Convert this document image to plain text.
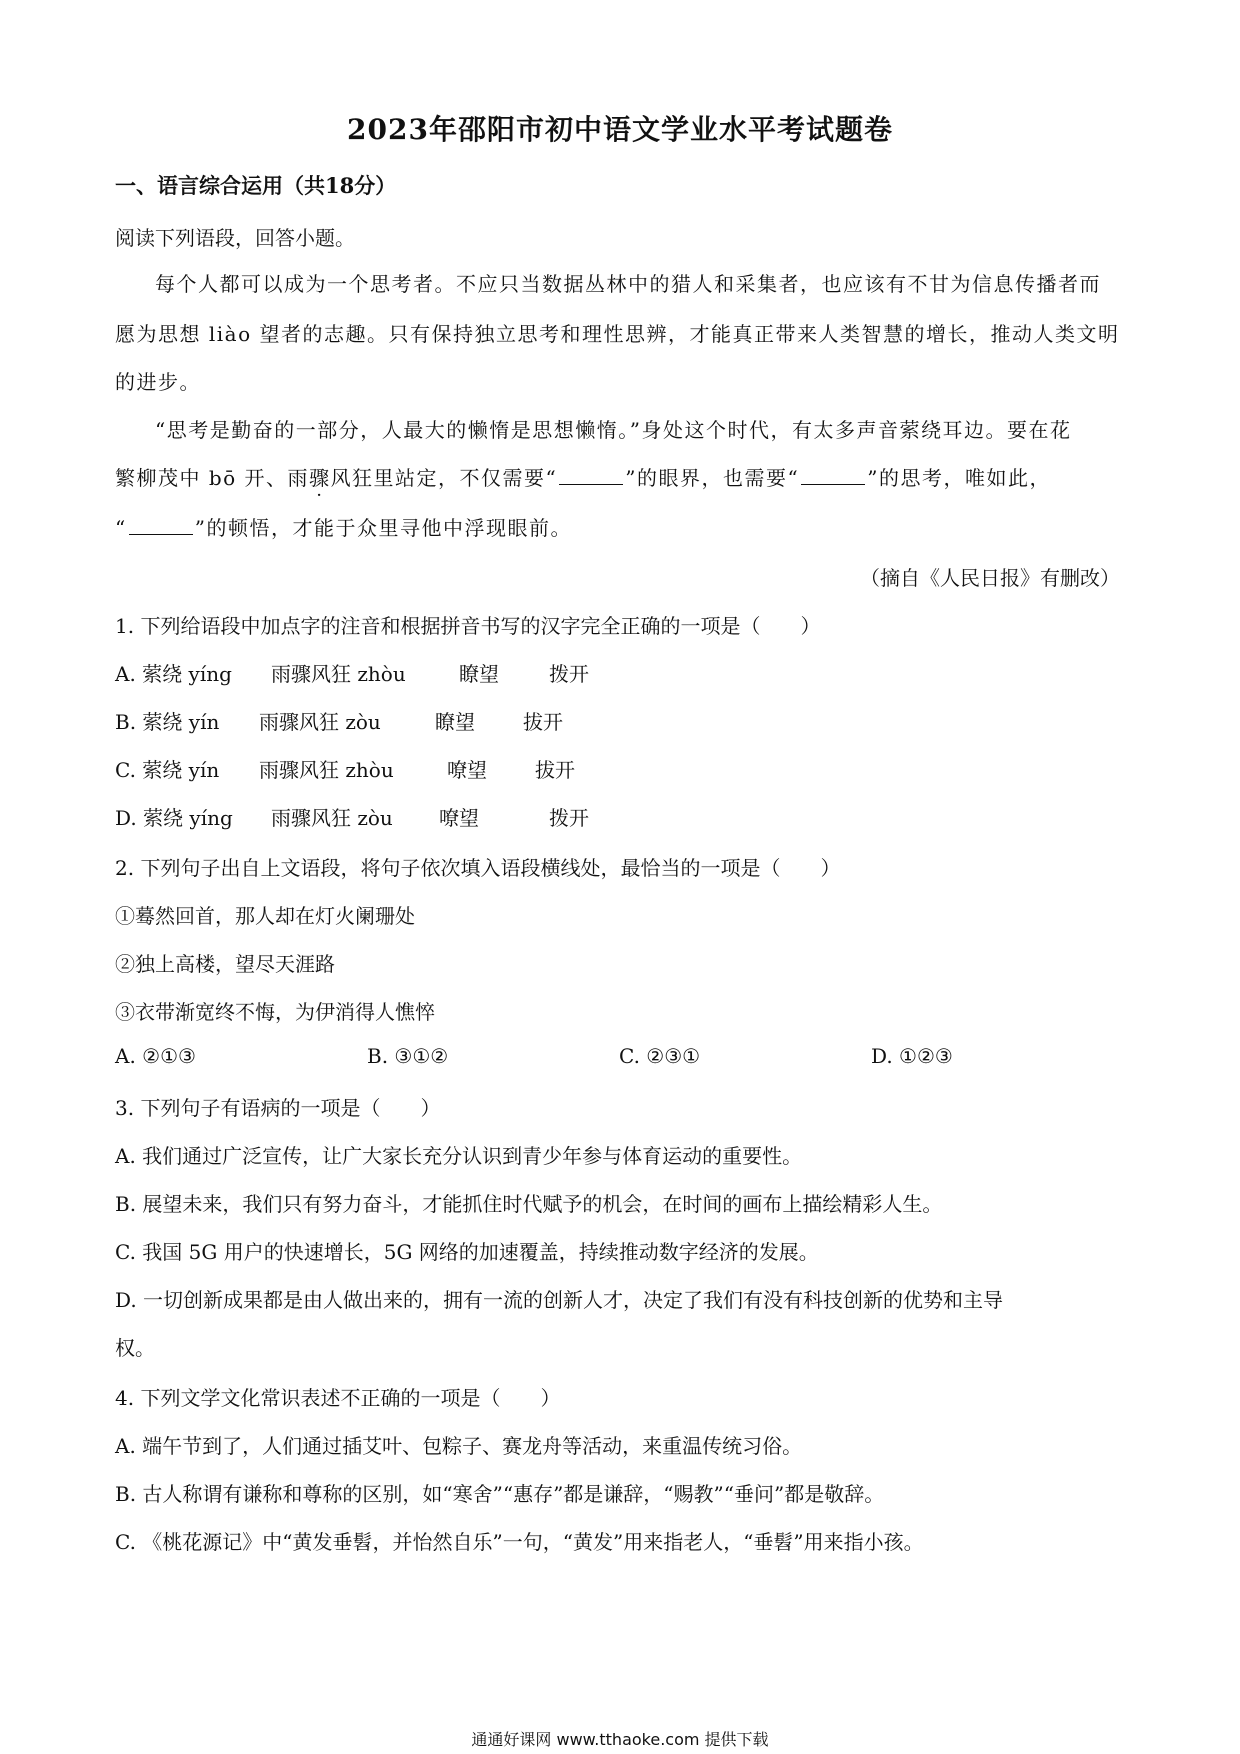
2023年邵阳市初中语文学业水平考试题卷
一、语言综合运用（共18分）
阅读下列语段，回答小题。
每个人都可以成为一个思考者。不应只当数据丛林中的猎人和采集者，也应该有不甘为信息传播者而
愿为思想 liào 望者的志趣。只有保持独立思考和理性思辨，才能真正带来人类智慧的增长，推动人类文明
的进步。
“思考是勤奋的一部分，人最大的懒惰是思想懒惰。”身处这个时代，有太多声音萦绕耳边。要在花
繁柳茂中 bō 开、雨骤风狂里站定，不仅需要“	”的眼界，也需要“	”的思考，唯如此，
“	”的顿悟，才能于众里寻他中浮现眼前。
（摘自《人民日报》有删改）
1. 下列给语段中加点字的注音和根据拼音书写的汉字完全正确的一项是（　　）
A. 萦绕 yíng 雨骤风狂 zhòu	瞭望	拨开
B. 萦绕 yín 雨骤风狂 zòu	瞭望 拔开
C. 萦绕 yín 雨骤风狂 zhòu	嘹望 拔开
D. 萦绕 yíng 雨骤风狂 zòu 嘹望	拨开
2. 下列句子出自上文语段，将句子依次填入语段横线处，最恰当的一项是（　　）
①蓦然回首，那人却在灯火阑珊处
②独上高楼，望尽天涯路
③衣带渐宽终不悔，为伊消得人憔悴
A. ②①③	B. ③①②	C. ②③①	D. ①②③
3. 下列句子有语病的一项是（　　）
A. 我们通过广泛宣传，让广大家长充分认识到青少年参与体育运动的重要性。
B. 展望未来，我们只有努力奋斗，才能抓住时代赋予的机会，在时间的画布上描绘精彩人生。
C. 我国 5G 用户的快速增长，5G 网络的加速覆盖，持续推动数字经济的发展。
D. 一切创新成果都是由人做出来的，拥有一流的创新人才，决定了我们有没有科技创新的优势和主导
权。
4. 下列文学文化常识表述不正确的一项是（　　）
A. 端午节到了，人们通过插艾叶、包粽子、赛龙舟等活动，来重温传统习俗。
B. 古人称谓有谦称和尊称的区别，如“寒舍”“惠存”都是谦辞，“赐教”“垂问”都是敬辞。
C. 《桃花源记》中“黄发垂髫，并怡然自乐”一句，“黄发”用来指老人，“垂髫”用来指小孩。
通通好课网 www.tthaoke.com 提供下载
